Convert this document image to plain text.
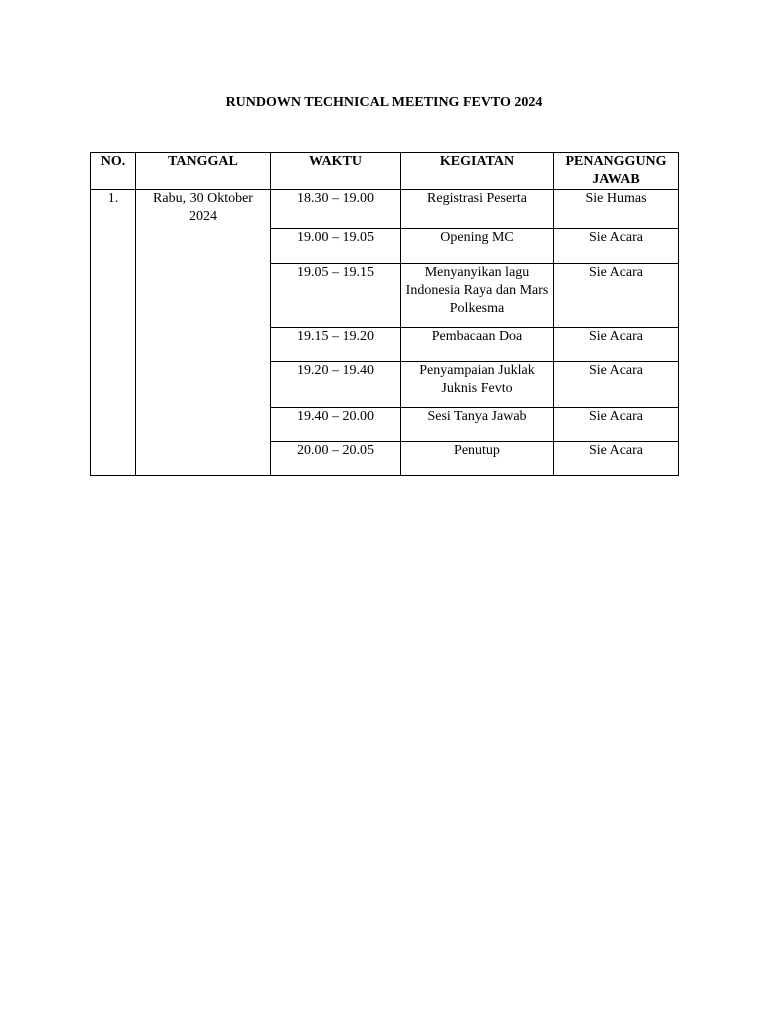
RUNDOWN TECHNICAL MEETING FEVTO 2024
NO.	TANGGAL	WAKTU	KEGIATAN	PENANGGUNG JAWAB
1.	Rabu, 30 Oktober 2024	18.30 – 19.00	Registrasi Peserta	Sie Humas
		19.00 – 19.05	Opening MC	Sie Acara
		19.05 – 19.15	Menyanyikan lagu Indonesia Raya dan Mars Polkesma	Sie Acara
		19.15 – 19.20	Pembacaan Doa	Sie Acara
		19.20 – 19.40	Penyampaian Juklak Juknis Fevto	Sie Acara
		19.40 – 20.00	Sesi Tanya Jawab	Sie Acara
		20.00 – 20.05	Penutup	Sie Acara
